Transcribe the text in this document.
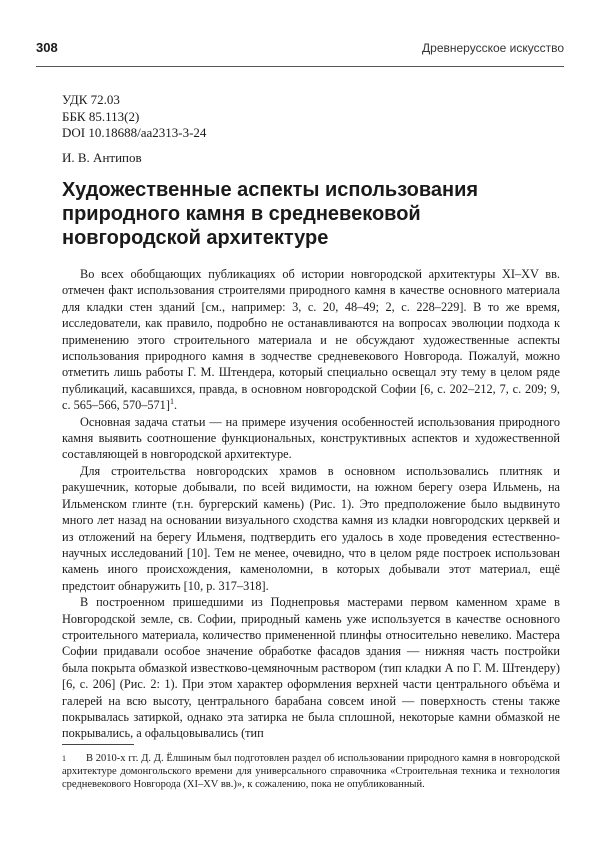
308	Древнерусское искусство
УДК 72.03
ББК 85.113(2)
DOI 10.18688/aa2313-3-24
И. В. Антипов
Художественные аспекты использования природного камня в средневековой новгородской архитектуре

Во всех обобщающих публикациях об истории новгородской архитектуры XI–XV вв. отмечен факт использования строителями природного камня в качестве основного материала для кладки стен зданий [см., например: 3, с. 20, 48–49; 2, с. 228–229]. В то же время, исследователи, как правило, подробно не останавливаются на вопросах эволюции подхода к применению этого строительного материала и не обсуждают художественные аспекты использования природного камня в зодчестве средневекового Новгорода. Пожалуй, можно отметить лишь работы Г. М. Штендера, который специально освещал эту тему в целом ряде публикаций, касавшихся, правда, в основном новгородской Софии [6, с. 202–212, 7, с. 209; 9, с. 565–566, 570–571]$^1$.

Основная задача статьи — на примере изучения особенностей использования природного камня выявить соотношение функциональных, конструктивных аспектов и художественной составляющей в новгородской архитектуре.

Для строительства новгородских храмов в основном использовались плитняк и ракушечник, которые добывали, по всей видимости, на южном берегу озера Ильмень, на Ильменском глинте (т.н. бургерский камень) (Рис. 1). Это предположение было выдвинуто много лет назад на основании визуального сходства камня из кладки новгородских церквей и из отложений на берегу Ильменя, подтвердить его удалось в ходе проведения естественно-научных исследований [10]. Тем не менее, очевидно, что в целом ряде построек использован камень иного происхождения, каменоломни, в которых добывали этот материал, ещё предстоит обнаружить [10, p. 317–318].

В построенном пришедшими из Поднепровья мастерами первом каменном храме в Новгородской земле, св. Софии, природный камень уже используется в качестве основного строительного материала, количество примененной плинфы относительно невелико. Мастера Софии придавали особое значение обработке фасадов здания — нижняя часть постройки была покрыта обмазкой известково-цемяночным раствором (тип кладки А по Г. М. Штендеру) [6, с. 206] (Рис. 2: 1). При этом характер оформления верхней части центрального объёма и галерей на всю высоту, центрального барабана совсем иной — поверхность стены также покрывалась затиркой, однако эта затирка не была сплошной, некоторые камни обмазкой не покрывались, а офальцовывались (тип

1	В 2010-х гг. Д. Д. Ёлшиным был подготовлен раздел об использовании природного камня в новгородской архитектуре домонгольского времени для универсального справочника «Строительная техника и технология средневекового Новгорода (XI–XV вв.)», к сожалению, пока не опубликованный.
